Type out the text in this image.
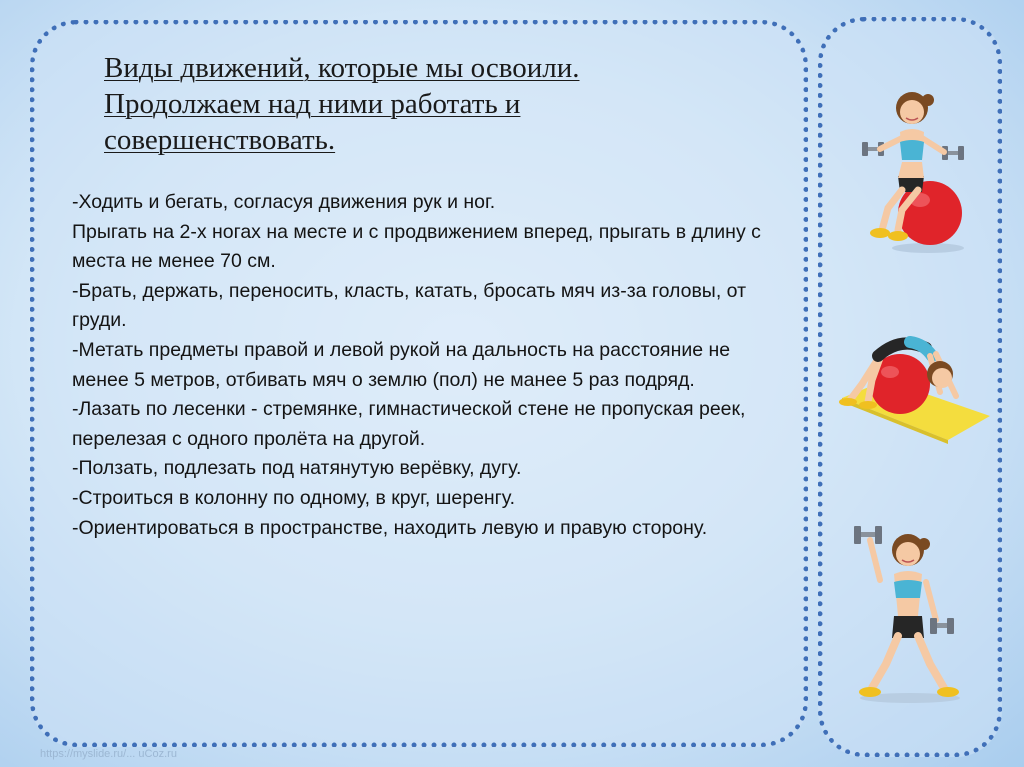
Виды движений, которые мы освоили.
Продолжаем над ними работать и
совершенствовать.
-Ходить и бегать, согласуя движения рук и ног.
Прыгать на 2-х ногах на месте и с продвижением вперед, прыгать в длину с места не менее 70 см.
-Брать, держать, переносить, класть, катать, бросать мяч из-за головы, от груди.
-Метать предметы правой и левой рукой на дальность на расстояние не менее 5 метров, отбивать мяч о землю (пол) не манее 5 раз подряд.
-Лазать по лесенки - стремянке, гимнастической стене не пропуская реек, перелезая с одного пролёта на другой.
-Ползать, подлезать под натянутую верёвку, дугу.
-Строиться в колонну по одному, в круг, шеренгу.
-Ориентироваться в пространстве, находить левую и правую сторону.
https://myslide.ru/... uCoz.ru
